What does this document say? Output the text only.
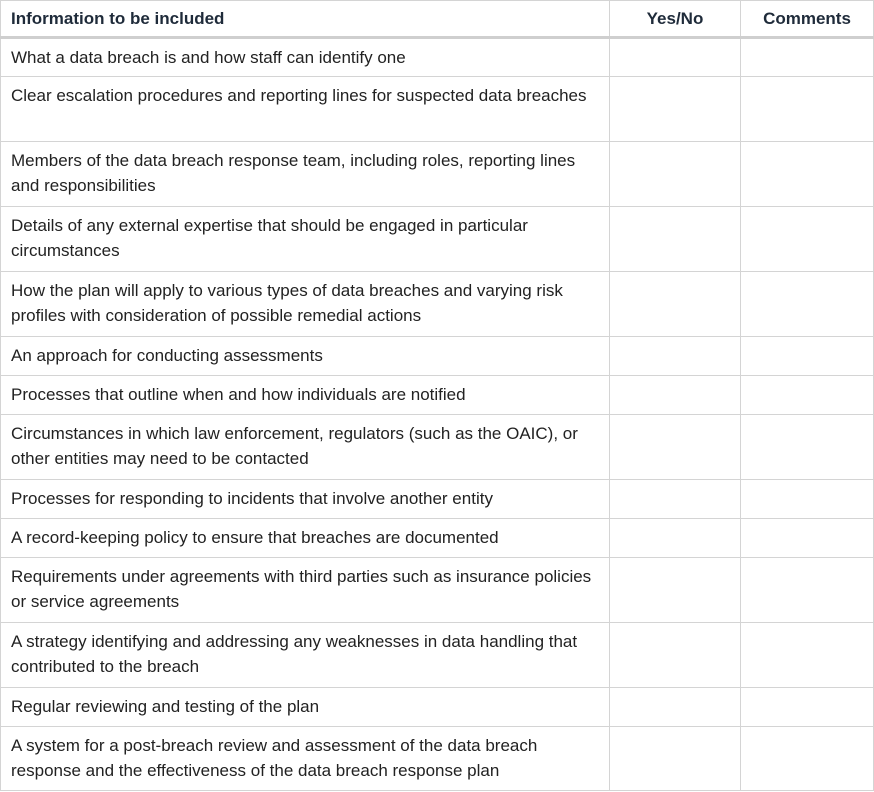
Information to be included	Yes/No	Comments
What a data breach is and how staff can identify one		
Clear escalation procedures and reporting lines for suspected data breaches		
Members of the data breach response team, including roles, reporting lines and responsibilities		
Details of any external expertise that should be engaged in particular circumstances		
How the plan will apply to various types of data breaches and varying risk profiles with consideration of possible remedial actions		
An approach for conducting assessments		
Processes that outline when and how individuals are notified		
Circumstances in which law enforcement, regulators (such as the OAIC), or other entities may need to be contacted		
Processes for responding to incidents that involve another entity		
A record-keeping policy to ensure that breaches are documented		
Requirements under agreements with third parties such as insurance policies or service agreements		
A strategy identifying and addressing any weaknesses in data handling that contributed to the breach		
Regular reviewing and testing of the plan		
A system for a post-breach review and assessment of the data breach response and the effectiveness of the data breach response plan		
